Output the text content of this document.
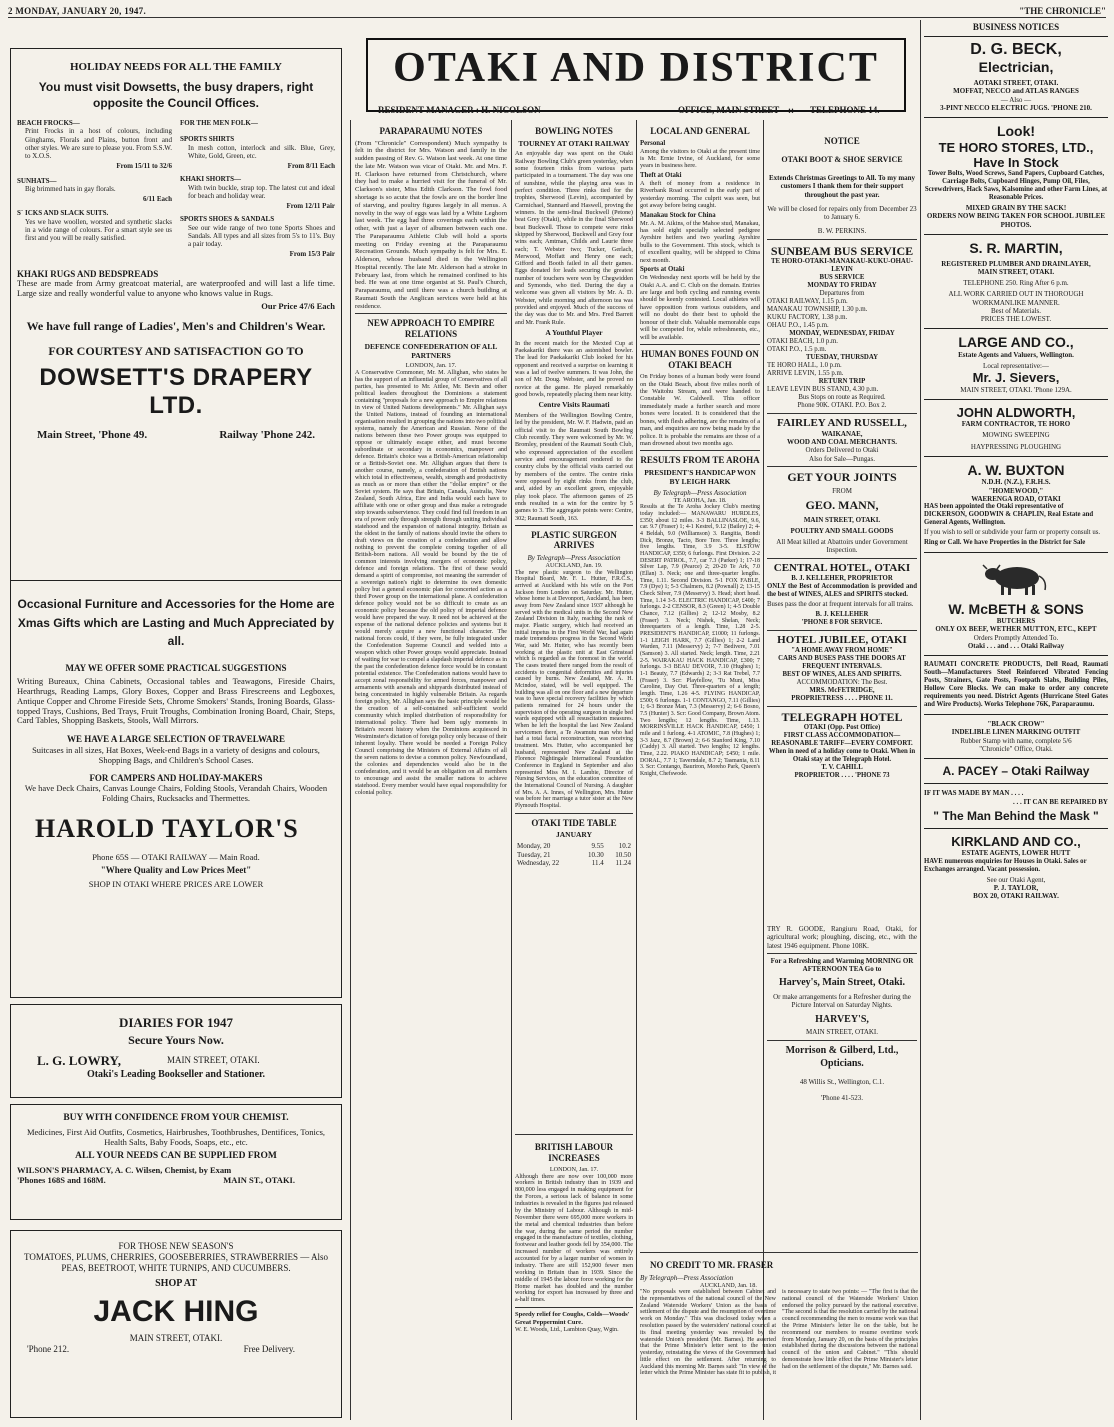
2 MONDAY, JANUARY 20, 1947.	"THE CHRONICLE"
OTAKI AND DISTRICT
RESIDENT MANAGER : H. NICOLSON	OFFICE, MAIN STREET :: TELEPHONE 14.
HOLIDAY NEEDS FOR ALL THE FAMILY
You must visit Dowsetts, the busy drapers, right opposite the Council Offices.
BEACH FROCKS—

Print Frocks in a host of colours, including Ginghams, Florals and Plains, button front and other styles. We are sure to please you. From S.S.W. to X.O.S.

From 15/11 to 32/6
SUNHATS—

Big brimmed hats in gay florals.

6/11 Each
S´ ICKS AND SLACK SUITS.

Yes we have woollen, worsted and synthetic slacks in a wide range of colours. For a smart style see us first and you will be really satisfied.

FOR THE MEN FOLK—
SPORTS SHIRTS

In mesh cotton, interlock and silk. Blue, Grey, White, Gold, Green, etc.

From 8/11 Each
KHAKI SHORTS—

With twin buckle, strap top. The latest cut and ideal for beach and holiday wear.

From 12/11 Pair
SPORTS SHOES & SANDALS

See our wide range of two tone Sports Shoes and Sandals. All types and all sizes from 5's to 11's. Buy a pair today.

From 15/3 Pair
KHAKI RUGS AND BEDSPREADS

These are made from Army greatcoat material, are waterproofed and will last a life time. Large size and really wonderful value to anyone who knows value in Rugs.

Our Price 47/6 Each
We have full range of Ladies', Men's and Children's Wear.
FOR COURTESY AND SATISFACTION GO TO
DOWSETT'S DRAPERY LTD.
Main Street, 'Phone 49.	Railway 'Phone 242.
Occasional Furniture and Accessories for the Home are Xmas Gifts which are Lasting and Much Appreciated by all.
MAY WE OFFER SOME PRACTICAL SUGGESTIONS

Writing Bureaux, China Cabinets, Occasional tables and Teawagons, Fireside Chairs, Hearthrugs, Reading Lamps, Glory Boxes, Copper and Brass Firescreens and Legboxes, Antique Copper and Chrome Fireside Sets, Chrome Smokers' Stands, Ironing Boards, Glass-topped Trays, Cushions, Bed Trays, Fruit Troughs, Combination Ironing Board, Chair, Steps, Card Tables, Shopping Baskets, Stools, Wall Mirrors.

WE HAVE A LARGE SELECTION OF TRAVELWARE

Suitcases in all sizes, Hat Boxes, Week-end Bags in a variety of designs and colours, Shopping Bags, and Children's School Cases.

FOR CAMPERS AND HOLIDAY-MAKERS

We have Deck Chairs, Canvas Lounge Chairs, Folding Stools, Verandah Chairs, Wooden Folding Chairs, Rucksacks and Thermettes.

HAROLD TAYLOR'S
Phone 65S — OTAKI RAILWAY — Main Road.
"Where Quality and Low Prices Meet"
SHOP IN OTAKI WHERE PRICES ARE LOWER
DIARIES FOR 1947
Secure Yours Now.
L. G. LOWRY,	MAIN STREET, OTAKI.
Otaki's Leading Bookseller and Stationer.
BUY WITH CONFIDENCE FROM YOUR CHEMIST.

Medicines, First Aid Outfits, Cosmetics, Hairbrushes, Toothbrushes, Dentifices, Tonics, Health Salts, Baby Foods, Soaps, etc., etc.

ALL YOUR NEEDS CAN BE SUPPLIED FROM
WILSON'S PHARMACY, A. C. Wilsen, Chemist, by Exam
'Phones 168S and 168M.	MAIN ST., OTAKI.
FOR THOSE NEW SEASON'S
TOMATOES, PLUMS, CHERRIES, GOOSEBERRIES, STRAWBERRIES — Also PEAS, BEETROOT, WHITE TURNIPS, AND CUCUMBERS.
SHOP AT
JACK HING
MAIN STREET, OTAKI.
'Phone 212.	Free Delivery.
PARAPARAUMU NOTES

(From "Chronicle" Correspondent) Much sympathy is felt in the district for Mrs. Watson and family in the sudden passing of Rev. G. Watson last week. At one time the late Mr. Watson was vicar of Otaki. Mr. and Mrs. F. H. Clarkson have returned from Christchurch, where they had to make a hurried visit for the funeral of Mr. Clarkson's sister, Miss Edith Clarkson. The fowl food shortage is so acute that the fowls are on the border line of starving, and poultry figures largely in all menus. A novelty in the way of eggs was laid by a White Leghorn last week. The egg had three coverings each within the other, with just a layer of albumen between each one. The Paraparaumu Athletic Club will hold a sports meeting on Friday evening at the Paraparaumu Recreation Grounds. Much sympathy is felt for Mrs. E. Alderson, whose husband died in the Wellington Hospital recently. The late Mr. Alderson had a stroke in February last, from which he remained confined to his bed. He was at one time organist at St. Paul's Church, Paraparaumu, and until there was a church building at Raumati South the Anglican services were held at his residence.

NEW APPROACH TO EMPIRE RELATIONS
DEFENCE CONFEDERATION OF ALL PARTNERS
LONDON, Jan. 17.

A Conservative Commoner, Mr. M. Allighan, who states he has the support of an influential group of Conservatives of all parties, has presented to Mr. Attlee, Mr. Bevin and other political leaders throughout the Dominions a statement containing "proposals for a new approach to Empire relations in view of United Nations developments." Mr. Allighan says the United Nations, instead of founding an international organisation resulted in grouping the nations into two political systems, namely the American and Russian. None of the nations between these two Power groups was equipped to oppose or ultimately escape either, and must become subordinate or secondary in economics, manpower and defence. Britain's choice was a British-American relationship or a British-Soviet one. Mr. Allighan argues that there is another course, namely, a confederation of British nations which total in effectiveness, wealth, strength and productivity as much as or more than either the "dollar empire" or the Soviet system. He says that Britain, Canada, Australia, New Zealand, South Africa, Eire and India would each have to affiliate with one or other group and thus make a retrograde step towards subservience. They could find full freedom in an era of power only through strength through uniting individual statehood and the expansion of national integrity. Britain as the oldest in the family of nations should invite the others to draft views on the creation of a confederation and allow nothing to prevent the complete coming together of all British-born nations. All would be bound by the tie of common interests involving mergers of economic policy, defence and foreign relations. The first of these would demand a spirit of compromise, not meaning the surrender of a sovereign nation's right to determine its own domestic policy but a general economic plan for concerted action as a third Power group on the international plane. A confederation defence policy would not be so difficult to create as an economic policy because the old policy of imperial defence would have prepared the way. It need not be achieved at the expense of the national defence policies and systems but it would merely acquire a new functional character. The national forces could, if they were, be fully integrated under the Confederation Supreme Council and welded into a weapon which other Power groups would appreciate. Instead of waiting for war to compel a slapdash imperial defence as in the past the confederation defence force would be in constant potential existence. The Confederation nations would have to accept zonal responsibility for armed forces, manpower and armaments with arsenals and shipyards distributed instead of being concentrated in highly vulnerable Britain. As regards foreign policy, Mr. Allighan says the basic principle would be the creation of a self-contained self-sufficient world community which implied distribution of responsibility for international policy. There had been ugly moments in Britain's recent history when the Dominions acquiesced in Westminster's dictation of foreign policy only because of their inherent loyalty. There would be needed a Foreign Policy Council comprising the Ministers of External Affairs of all the seven nations to devise a common policy. Newfoundland, the colonies and dependencies would also be in the confederation, and it would be an obligation on all members to encourage and assist the smaller nations to achieve statehood. Every member would have equal responsibility for colonial policy.

BOWLING NOTES
TOURNEY AT OTAKI RAILWAY

An enjoyable day was spent on the Otaki Railway Bowling Club's green yesterday, when some fourteen rinks from various parts participated in a tournament. The day was one of sunshine, while the playing area was in perfect condition. Three rinks tied for the trophies, Sherwood (Levin), accompanied by Carmichael, Stannard and Haswell, proving the winners. In the semi-final Buckwell (Petone) beat Grey (Otaki), while in the final Sherwood beat Buckwell. Those to compete were rinks skipped by Sherwood, Buckwell and Grey four wins each; Amtman, Childs and Laurie three each; T. Webster two; Tucker, Gerlach, Merwood, Moffatt and Henry one each; Gifford and Booth failed in all their games. Eggs donated for leads securing the greatest number of touchers were won by Chegwidden and Symonds, who tied. During the day a welcome was given all visitors by Mr. A. D. Webster, while morning and afternoon tea was provided and enjoyed. Much of the success of the day was due to Mr. and Mrs. Fred Barrett and Mr. Frank Rule.

A Youthful Player

In the recent match for the Mexted Cup at Paekakariki there was an astonished bowler. The lead for Paekakariki Club looked for his opponent and received a surprise on learning it was a lad of twelve summers. It was John, the son of Mr. Doug. Webster, and he proved no novice at the game. He played remarkably good bowls, repeatedly placing them near kitty.

Centre Visits Raumati

Members of the Wellington Bowling Centre, led by the president, Mr. W. F. Hadwin, paid an official visit to the Raumati South Bowling Club recently. They were welcomed by Mr. W. Bromley, president of the Raumati South Club, who expressed appreciation of the excellent service and encouragement rendered to the country clubs by the official visits carried out by members of the centre. The centre rinks were opposed by eight rinks from the club, and, aided by an excellent green, enjoyable play took place. The afternoon games of 25 ends resulted in a win for the centre by 5 games to 3. The aggregate points were: Centre, 302; Raumati South, 163.

PLASTIC SURGEON ARRIVES
By Telegraph—Press Association
AUCKLAND, Jan. 19.

The new plastic surgeon to the Wellington Hospital Board, Mr. F. L. Hutter, F.R.C.S., arrived at Auckland with his wife on the Port Jackson from London on Saturday. Mr. Hutter, whose home is at Devonport, Auckland, has been away from New Zealand since 1937 although he served with the medical units in the Second New Zealand Division in Italy, reaching the rank of major. Plastic surgery, which had received an initial impetus in the First World War, had again made tremendous progress in the Second World War, said Mr. Hutter, who has recently been working at the plastic unit at East Grinstead which is regarded as the foremost in the world. The cases treated there ranged from the result of accidents to congenital deformities and injuries caused by burns. New Zealand, Mr. A. H. Mcindoe, stated, will be well equipped. The building was all on one floor and a new departure was to have special recovery facilities by which patients remained for 24 hours under the supervision of the operating surgeon in single bed wards equipped with all resuscitation measures. When he left the hospital the last New Zealand servicemen there, a Te Awamutu man who had had a total facial reconstruction, was receiving treatment. Mrs. Hutter, who accompanied her husband, represented New Zealand at the Florence Nightingale International Foundation Conference in England in September and also represented Miss M. I. Lambie, Director of Nursing Services, on the education committee of the International Council of Nursing. A daughter of Mrs. A. A. Innes, of Wellington, Mrs. Hutter was before her marriage a tutor sister at the New Plymouth Hospital.

OTAKI TIDE TABLE
JANUARY
Monday, 20	9.55	10.2
Tuesday, 21	10.30	10.50
Wednesday, 22	11.4	11.24
LOCAL AND GENERAL
Personal

Among the visitors to Otaki at the present time is Mr. Ernie Irvine, of Auckland, for some years in business here.

Theft at Otaki

A theft of money from a residence in Riverbank Road occurred in the early part of yesterday morning. The culprit was seen, but got away before being caught.

Manakau Stock for China

Mr. A. M. Aikins, of the Mahoe stud, Manakau, has sold eight specially selected pedigree Ayrshire heifers and two yearling Ayrshire bulls to the Government. This stock, which is of excellent quality, will be shipped to China next month.

Sports at Otaki

On Wednesday next sports will be held by the Otaki A.A. and C. Club on the domain. Entries are large and both cycling and running events should be keenly contested. Local athletes will have opposition from various outsiders, and will no doubt do their best to uphold the honour of their club. Valuable memorable cups will be competed for, while refreshments, etc., will be available.

HUMAN BONES FOUND ON OTAKI BEACH

On Friday bones of a human body were found on the Otaki Beach, about five miles north of the Waitohu Stream, and were handed to Constable W. Caldwell. This officer immediately made a further search and more bones were located. It is considered that the bones, with flesh adhering, are the remains of a man, and enquiries are now being made by the police. It is probable the remains are those of a man drowned about two months ago.

RESULTS FROM TE AROHA
PRESIDENT'S HANDICAP WON BY LEIGH HARK
By Telegraph—Press Association
TE AROHA, Jan. 18.

Results at the Te Aroha Jockey Club's meeting today included:— MANAWARU HURDLES, £350; about 12 miles. 3-3 BALLINASLOE, 9.6, car. 9.7 (Fraser) 1; 4-1 Kestrel, 9.12 (Bailey) 2; 4-4 Beldah, 9.0 (Williamson) 3. Rangitia, Bondi Dick, Bronze, Tacto, Bore Tere. Three lengths; five lengths. Time, 3.9 3-5. ELSTOW HANDICAP, £350; 6 furlongs. First Division. 2-2 DESERT PATROL, 7.7, car 7.3 (Parker) 1; 17-18 Silver Lap, 7.9 (Pearce) 2; 20-20 Te Ark, 7.0 (Ellan) 3. Neck; one and three-quarter lengths. Time, 1.11. Second Division. 5-1 FOX FABLE, 7.9 (Dye) 1; 5-3 Chalmers, 8.2 (Pownall) 2; 13-15 Check Silver, 7.9 (Messervy) 3. Head; short head. Time, 1.14 3-5. ELECTRIC HANDICAP, £400; 7 furlongs. 2-2 CENSOR, 8.3 (Green) 1; 4-5 Double Chance, 7.12 (Gillies) 2; 12-12 Mosby, 8.2 (Fraser) 3. Neck; Nishek, Shelan, Neck; threequarters of a length. Time, 1.28 2-5. PRESIDENT'S HANDICAP, £1000; 11 furlongs. 1-1 LEIGH HARK, 7.7 (Gillies) 1; 2-2 Land Warden, 7.11 (Messervy) 2; 7-7 Bedivere, 7.01 (Samson) 3. All started. Neck; length. Time, 2.21 2-5. WAIRAKAU HACK HANDICAP, £300; 7 furlongs. 3-3 BEAU DEVOIR, 7.10 (Hughes) 1; 1-1 Beauty, 7.7 (Edwards) 2; 3-3 Rat Trebel, 7.7 (Fraser) 3. Scr: Playfellow, 'Tu Muni, Miss Caroline, Day Out. Three-quarters of a length; length. Time, 1.26 4-5. FLYING HANDICAP, £500; 6 furlongs. 1-1 CONTANGO, 7.11 (Gillies) 1; 6-3 Bronze Man, 7.3 (Messervy) 2; 6-6 Bosno, 7.5 (Hunter) 3. Scr: Good Company, Brown Atom. Two lengths; 12 lengths. Time, 1.13. MORRINSVILLE HACK HANDICAP, £450; 1 mile and 1 furlong. 4-1 ATOMIC, 7.8 (Hughes) 1; 3-3 Jazz, 8.7 (Brown) 2; 6-6 Stanford King, 7.10 (Caddy) 3. All started. Two lengths; 12 lengths. Time, 2.22. PIAKO HANDICAP; £450; 1 mile. DORAL, 7.7 1; Taverndale, 8.7 2; Tasmania, 8.11 3. Scr: Contango, Bauriron, Moreho Park, Queen's Knight, Chefswode.

NOTICE
OTAKI BOOT & SHOE SERVICE
Extends Christmas Greetings to All. To my many customers I thank them for their support throughout the past year.
We will be closed for repairs only from December 23 to January 6.
B. W. PERKINS.
SUNBEAM BUS SERVICE
TE HORO-OTAKI-MANAKAU-KUKU-OHAU-LEVIN
BUS SERVICE
MONDAY TO FRIDAY
Departures from
OTAKI RAILWAY, 1.15 p.m.
MANAKAU TOWNSHIP, 1.30 p.m.
KUKU FACTORY, 1.38 p.m.
OHAU P.O., 1.45 p.m.
MONDAY, WEDNESDAY, FRIDAY
OTAKI BEACH, 1.0 p.m.
OTAKI P.O., 1.5 p.m.
TUESDAY, THURSDAY
TE HORO HALL, 1.0 p.m.
ARRIVE LEVIN, 1.55 p.m.
RETURN TRIP
LEAVE LEVIN BUS STAND, 4.30 p.m.
Bus Stops on route as Required.
Phone 90K. OTAKI. P.O. Box 2.
FAIRLEY AND RUSSELL,
WAIKANAE,
WOOD AND COAL MERCHANTS.
Orders Delivered to Otaki
Also for Sale—Pungas.
GET YOUR JOINTS
FROM
GEO. MANN,
MAIN STREET, OTAKI.
POULTRY AND SMALL GOODS
All Meat killed at Abattoirs under Government Inspection.
CENTRAL HOTEL, OTAKI
B. J. KELLEHER, PROPRIETOR

ONLY the Best of Accommodation is provided and the best of WINES, ALES and SPIRITS stocked.

Buses pass the door at frequent intervals for all trains.

B. J. KELLEHER
'PHONE 8 FOR SERVICE.
HOTEL JUBILEE, OTAKI
"A HOME AWAY FROM HOME"
CARS AND BUSES PASS THE DOORS AT FREQUENT INTERVALS.
BEST OF WINES, ALES AND SPIRITS.
ACCOMMODATION: The Best.
MRS. McFETRIDGE,
PROPRIETRESS . . . . PHONE 11.
TELEGRAPH HOTEL
OTAKI (Opp. Post Office)
FIRST CLASS ACCOMMODATION— REASONABLE TARIFF—EVERY COMFORT.
When in need of a holiday come to Otaki. When in Otaki stay at the Telegraph Hotel.
T. V. CAHILL
PROPRIETOR . . . . 'PHONE 73

TRY R. GOODE, Rangiuru Road, Otaki, for agricultural work; ploughing, discing, etc., with the latest 1946 equipment. Phone 108K.

For a Refreshing and Warming MORNING OR AFTERNOON TEA Go to
Harvey's, Main Street, Otaki.
Or make arrangements for a Refresher during the Picture Interval on Saturday Nights.
HARVEY'S,
MAIN STREET, OTAKI.
Morrison & Gilberd, Ltd.,
Opticians.
48 Willis St., Wellington, C.1.
'Phone 41-523.
BRITISH LABOUR INCREASES
LONDON, Jan. 17.

Although there are now over 100,000 more workers in British industry than in 1939 and 800,000 less engaged in making equipment for the Forces, a serious lack of balance in some industries is revealed in the figures just released by the Ministry of Labour. Although in mid-November there were 695,000 more workers in the metal and chemical industries than before the war, during the same period the number engaged in the manufacture of textiles, clothing, footwear and leather goods fell by 354,000. The increased number of workers was entirely accounted for by a larger number of women in industry. There are still 152,900 fewer men working in Britain than in 1939. Since the middle of 1945 the labour force working for the Home market has doubled and the number working for export has increased by three and a-half times.

Speedy relief for Coughs, Colds—Woods' Great Peppermint Cure.
W. E. Woods, Ltd., Lambton Quay, Wgtn.
NO CREDIT TO MR. FRASER
By Telegraph—Press Association
AUCKLAND, Jan. 18.

"No proposals were established between Cabinet and the representatives of the national council of the New Zealand Waterside Workers' Union as the basis of settlement of the dispute and the resumption of overtime work on Monday." This was disclosed today when a resolution passed by the watersiders' national council at its final meeting yesterday was revealed by the waterside Union's president (Mr. Barnes). He asserted that the Prime Minister's letter sent to the union yesterday, reinstating the views of the Government had little effect on the settlement. After returning to Auckland this morning Mr. Barnes said: "In view of the letter which the Prime Minister has state fit to publish, it is necessary to state two points: — "The first is that the national council of the Waterside Workers' Union endorsed the policy pursued by the national executive. "The second is that the resolution carried by the national council recommending the men to resume work was that the Prime Minister's letter lie on the table, but he recommend our members to resume overtime work from Monday, January 20, on the basis of the principles established during the discussions between the national council of the union and Cabinet." "This should demonstrate how little effect the Prime Minister's letter had on the settlement of the dispute," Mr. Barnes said.

BUSINESS NOTICES
D. G. BECK,
Electrician,
AOTAKI STREET, OTAKI.
MOFFAT, NECCO and ATLAS RANGES
— Also —
3-PINT NECCO ELECTRIC JUGS. 'PHONE 210.
Look!
TE HORO STORES, LTD.,
Have In Stock

Tower Bolts, Wood Screws, Sand Papers, Cupboard Catches, Carriage Bolts, Cupboard Hinges, Pump Oil, Files, Screwdrivers, Hack Saws, Kalsomine and other Farm Lines, at Reasonable Prices.

MIXED GRAIN BY THE SACK!
ORDERS NOW BEING TAKEN FOR SCHOOL JUBILEE PHOTOS.
S. R. MARTIN,
REGISTERED PLUMBER AND DRAINLAYER,
MAIN STREET, OTAKI.
TELEPHONE 250. Ring After 6 p.m.
ALL WORK CARRIED OUT IN THOROUGH WORKMANLIKE MANNER.
Best of Materials.
PRICES THE LOWEST.
LARGE AND CO.,
Estate Agents and Valuers, Wellington.
Local representative:—
Mr. J. Sievers,
MAIN STREET, OTAKI. 'Phone 129A.
JOHN ALDWORTH,
FARM CONTRACTOR, TE HORO
MOWING SWEEPING
HAYPRESSING PLOUGHING
A. W. BUXTON
N.D.H. (N.Z.), F.R.H.S.
"HOMEWOOD,"
WAERENGA ROAD, OTAKI

HAS been appointed the Otaki representative of DICKERSON, GOODWIN & CHAPLIN, Real Estate and General Agents, Wellington.

If you wish to sell or subdivide your farm or property consult us.

Ring or Call. We have Properties in the District for Sale

W. McBETH & SONS
BUTCHERS
ONLY OX BEEF, WETHER MUTTON, ETC., KEPT
Orders Promptly Attended To.
Otaki . . . and . . . Otaki Railway

RAUMATI CONCRETE PRODUCTS, Dell Road, Raumati South—Manufacturers Steel Reinforced Vibrated Fencing Posts, Strainers, Gate Posts, Footpath Slabs, Building Piles, Hollow Core Blocks. We can make to order any concrete requirements you need. District Agents (Hurricane Steel Gates and Wire Products). Works Telephone 76K, Paraparaumu.

"BLACK CROW"
INDELIBLE LINEN MARKING OUTFIT
Rubber Stamp with name, complete 5/6
"Chronicle" Office, Otaki.
A. PACEY – Otaki Railway
IF IT WAS MADE BY MAN . . . .
. . . IT CAN BE REPAIRED BY
" The Man Behind the Mask "
KIRKLAND AND CO.,
ESTATE AGENTS, LOWER HUTT

HAVE numerous enquiries for Houses in Otaki. Sales or Exchanges arranged. Vacant possession.

See our Otaki Agent,
P. J. TAYLOR,
BOX 20, OTAKI RAILWAY.
